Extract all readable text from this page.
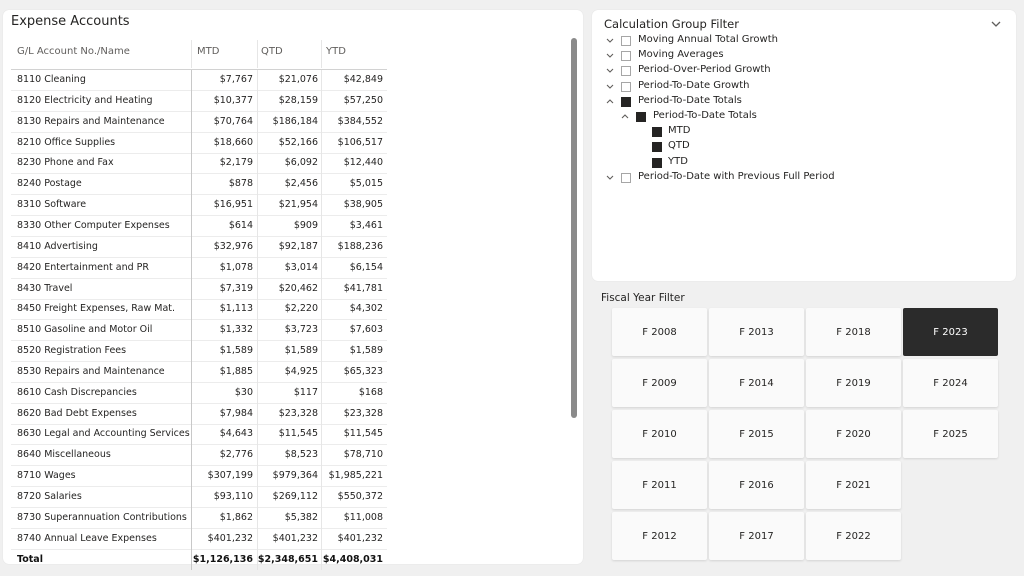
Expense Accounts
G/L Account No./Name	MTD	QTD	YTD
8110 Cleaning	$7,767	$21,076	$42,849
8120 Electricity and Heating	$10,377	$28,159	$57,250
8130 Repairs and Maintenance	$70,764 $186,184 $384,552
8210 Office Supplies	$18,660	$52,166 $106,517
8230 Phone and Fax	$2,179	$6,092	$12,440
8240 Postage	$878	$2,456	$5,015
8310 Software	$16,951	$21,954	$38,905
8330 Other Computer Expenses	$614	$909	$3,461
8410 Advertising	$32,976	$92,187 $188,236
8420 Entertainment and PR	$1,078	$3,014	$6,154
8430 Travel	$7,319	$20,462	$41,781
8450 Freight Expenses, Raw Mat.	$1,113	$2,220	$4,302
8510 Gasoline and Motor Oil	$1,332	$3,723	$7,603
8520 Registration Fees	$1,589	$1,589	$1,589
8530 Repairs and Maintenance	$1,885	$4,925	$65,323
8610 Cash Discrepancies	$30	$117	$168
8620 Bad Debt Expenses	$7,984	$23,328	$23,328
8630 Legal and Accounting Services	$4,643	$11,545	$11,545
8640 Miscellaneous	$2,776	$8,523	$78,710
8710 Wages	$307,199 $979,364 $1,985,221
8720 Salaries	$93,110 $269,112 $550,372
8730 Superannuation Contributions	$1,862	$5,382	$11,008
8740 Annual Leave Expenses	$401,232 $401,232 $401,232
Total	$1,126,136 $2,348,651 $4,408,031
Calculation Group Filter
Moving Annual Total Growth
Moving Averages
Period-Over-Period Growth
Period-To-Date Growth
Period-To-Date Totals
Period-To-Date Totals
MTD
QTD
YTD
Period-To-Date with Previous Full Period
Fiscal Year Filter
F 2008
F 2009
F 2010
F 2011
F 2012
F 2013
F 2014
F 2015
F 2016
F 2017
F 2018
F 2019
F 2020
F 2021
F 2022
F 2023
F 2024
F 2025
